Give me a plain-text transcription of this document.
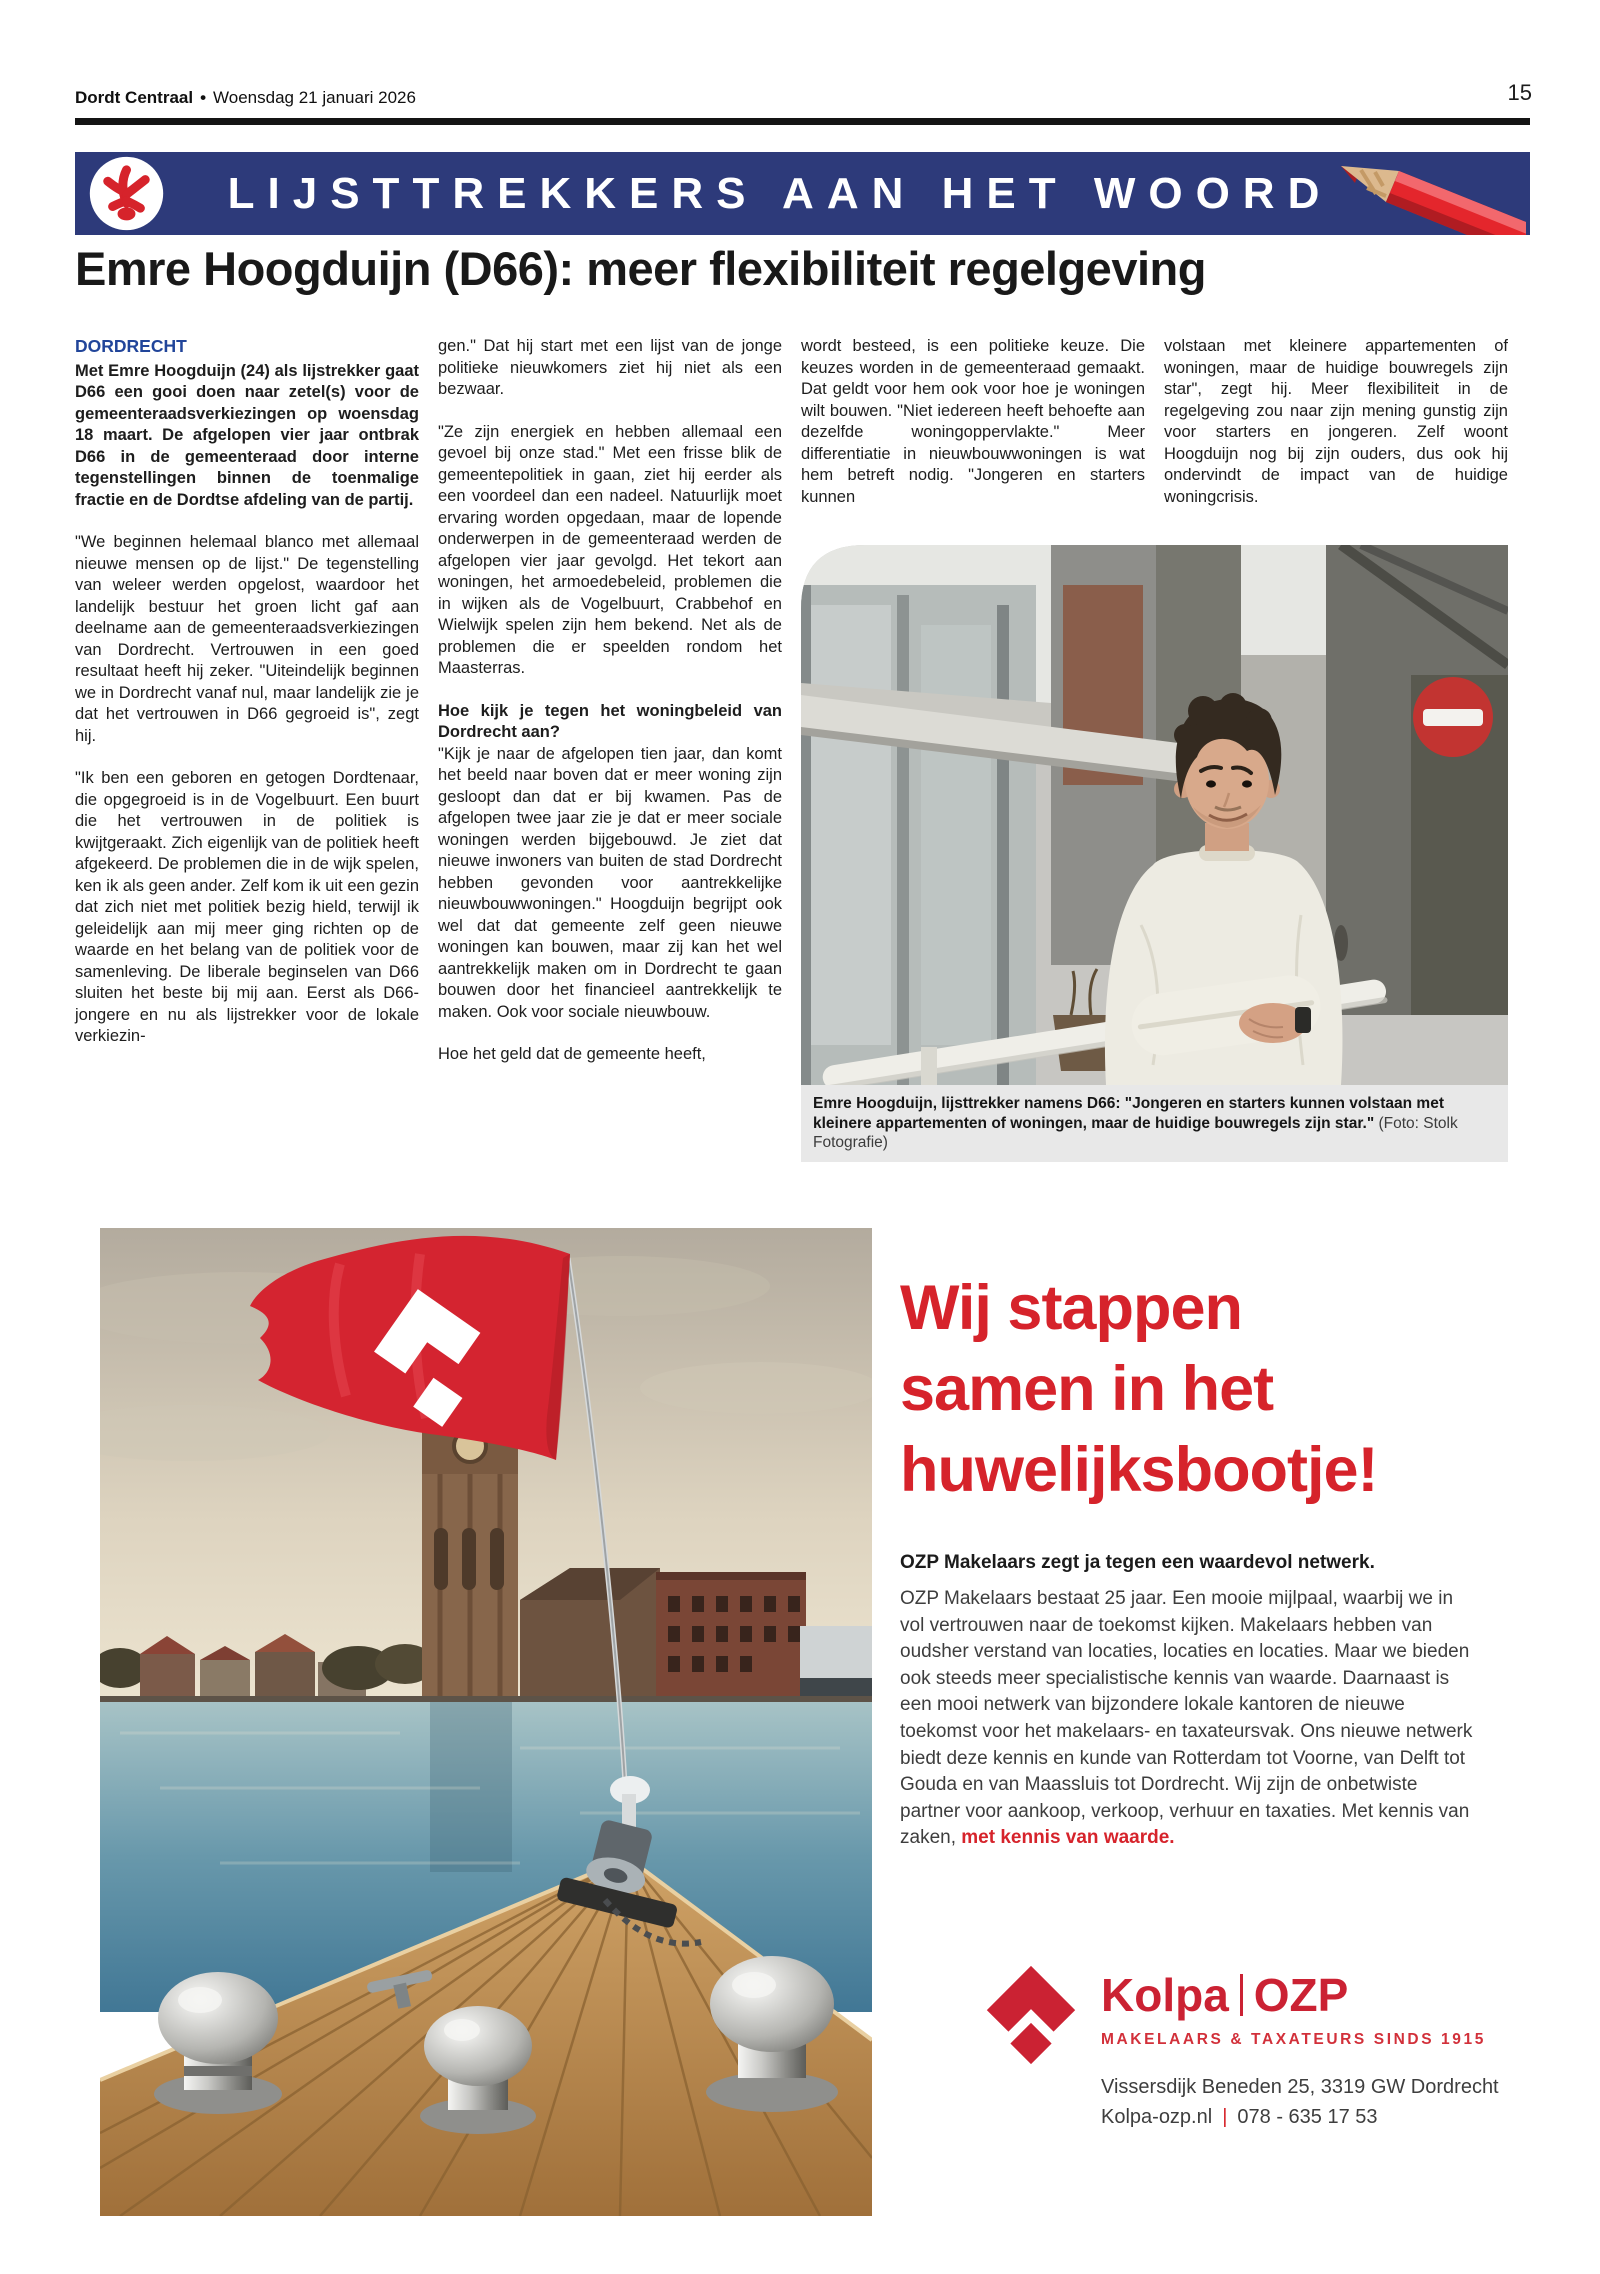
Dordt Centraal • Woensdag 21 januari 2026	15
LIJSTTREKKERS AAN HET WOORD
Emre Hoogduijn (D66): meer flexibiliteit regelgeving
DORDRECHT

Met Emre Hoogduijn (24) als lijstrekker gaat D66 een gooi doen naar zetel(s) voor de gemeenteraadsverkiezingen op woensdag 18 maart. De afgelopen vier jaar ontbrak D66 in de gemeenteraad door interne tegenstellingen binnen de toenmalige fractie en de Dordtse afdeling van de partij.

"We beginnen helemaal blanco met allemaal nieuwe mensen op de lijst." De tegenstelling van weleer werden opgelost, waardoor het landelijk bestuur het groen licht gaf aan deelname aan de gemeenteraadsverkiezingen van Dordrecht. Vertrouwen in een goed resultaat heeft hij zeker. "Uiteindelijk beginnen we in Dordrecht vanaf nul, maar landelijk zie je dat het vertrouwen in D66 gegroeid is", zegt hij.

"Ik ben een geboren en getogen Dordtenaar, die opgegroeid is in de Vogelbuurt. Een buurt die het vertrouwen in de politiek is kwijtgeraakt. Zich eigenlijk van de politiek heeft afgekeerd. De problemen die in de wijk spelen, ken ik als geen ander. Zelf kom ik uit een gezin dat zich niet met politiek bezig hield, terwijl ik geleidelijk aan mij meer ging richten op de waarde en het belang van de politiek voor de samenleving. De liberale beginselen van D66 sluiten het beste bij mij aan. Eerst als D66-jongere en nu als lijstrekker voor de lokale verkiezin-

gen." Dat hij start met een lijst van de jonge politieke nieuwkomers ziet hij niet als een bezwaar.

"Ze zijn energiek en hebben allemaal een gevoel bij onze stad." Met een frisse blik de gemeentepolitiek in gaan, ziet hij eerder als een voordeel dan een nadeel. Natuurlijk moet ervaring worden opgedaan, maar de lopende onderwerpen in de gemeenteraad werden de afgelopen vier jaar gevolgd. Het tekort aan woningen, het armoedebeleid, problemen die in wijken als de Vogelbuurt, Crabbehof en Wielwijk spelen zijn hem bekend. Net als de problemen die er speelden rondom het Maasterras.

Hoe kijk je tegen het woningbeleid van Dordrecht aan?

"Kijk je naar de afgelopen tien jaar, dan komt het beeld naar boven dat er meer woning zijn gesloopt dan dat er bij kwamen. Pas de afgelopen twee jaar zie je dat er meer sociale woningen werden bijgebouwd. Je ziet dat nieuwe inwoners van buiten de stad Dordrecht hebben gevonden voor aantrekkelijke nieuwbouwwoningen." Hoogduijn begrijpt ook wel dat dat gemeente zelf geen nieuwe woningen kan bouwen, maar zij kan het wel aantrekkelijk maken om in Dordrecht te gaan bouwen door het financieel aantrekkelijk te maken. Ook voor sociale nieuwbouw.

Hoe het geld dat de gemeente heeft,

wordt besteed, is een politieke keuze. Die keuzes worden in de gemeenteraad gemaakt. Dat geldt voor hem ook voor hoe je woningen wilt bouwen. "Niet iedereen heeft behoefte aan dezelfde woningoppervlakte." Meer differentiatie in nieuwbouwwoningen is wat hem betreft nodig. "Jongeren en starters kunnen

volstaan met kleinere appartementen of woningen, maar de huidige bouwregels zijn star", zegt hij. Meer flexibiliteit in de regelgeving zou naar zijn mening gunstig zijn voor starters en jongeren. Zelf woont Hoogduijn nog bij zijn ouders, dus ook hij ondervindt de impact van de huidige woningcrisis.

Emre Hoogduijn, lijsttrekker namens D66: "Jongeren en starters kunnen volstaan met kleinere appartementen of woningen, maar de huidige bouwregels zijn star." (Foto: Stolk Fotografie)
Wij stappen
samen in het
huwelijksbootje!

OZP Makelaars zegt ja tegen een waardevol netwerk.

OZP Makelaars bestaat 25 jaar. Een mooie mijlpaal, waarbij we in vol vertrouwen naar de toekomst kijken. Makelaars hebben van oudsher verstand van locaties, locaties en locaties. Maar we bieden ook steeds meer specialistische kennis van waarde. Daarnaast is een mooi netwerk van bijzondere lokale kantoren de nieuwe toekomst voor het makelaars- en taxateursvak. Ons nieuwe netwerk biedt deze kennis en kunde van Rotterdam tot Voorne, van Delft tot Gouda en van Maassluis tot Dordrecht. Wij zijn de onbetwiste partner voor aankoop, verkoop, verhuur en taxaties. Met kennis van zaken, met kennis van waarde.

Kolpa OZP
MAKELAARS & TAXATEURS SINDS 1915
Vissersdijk Beneden 25, 3319 GW Dordrecht
Kolpa-ozp.nl | 078 - 635 17 53
